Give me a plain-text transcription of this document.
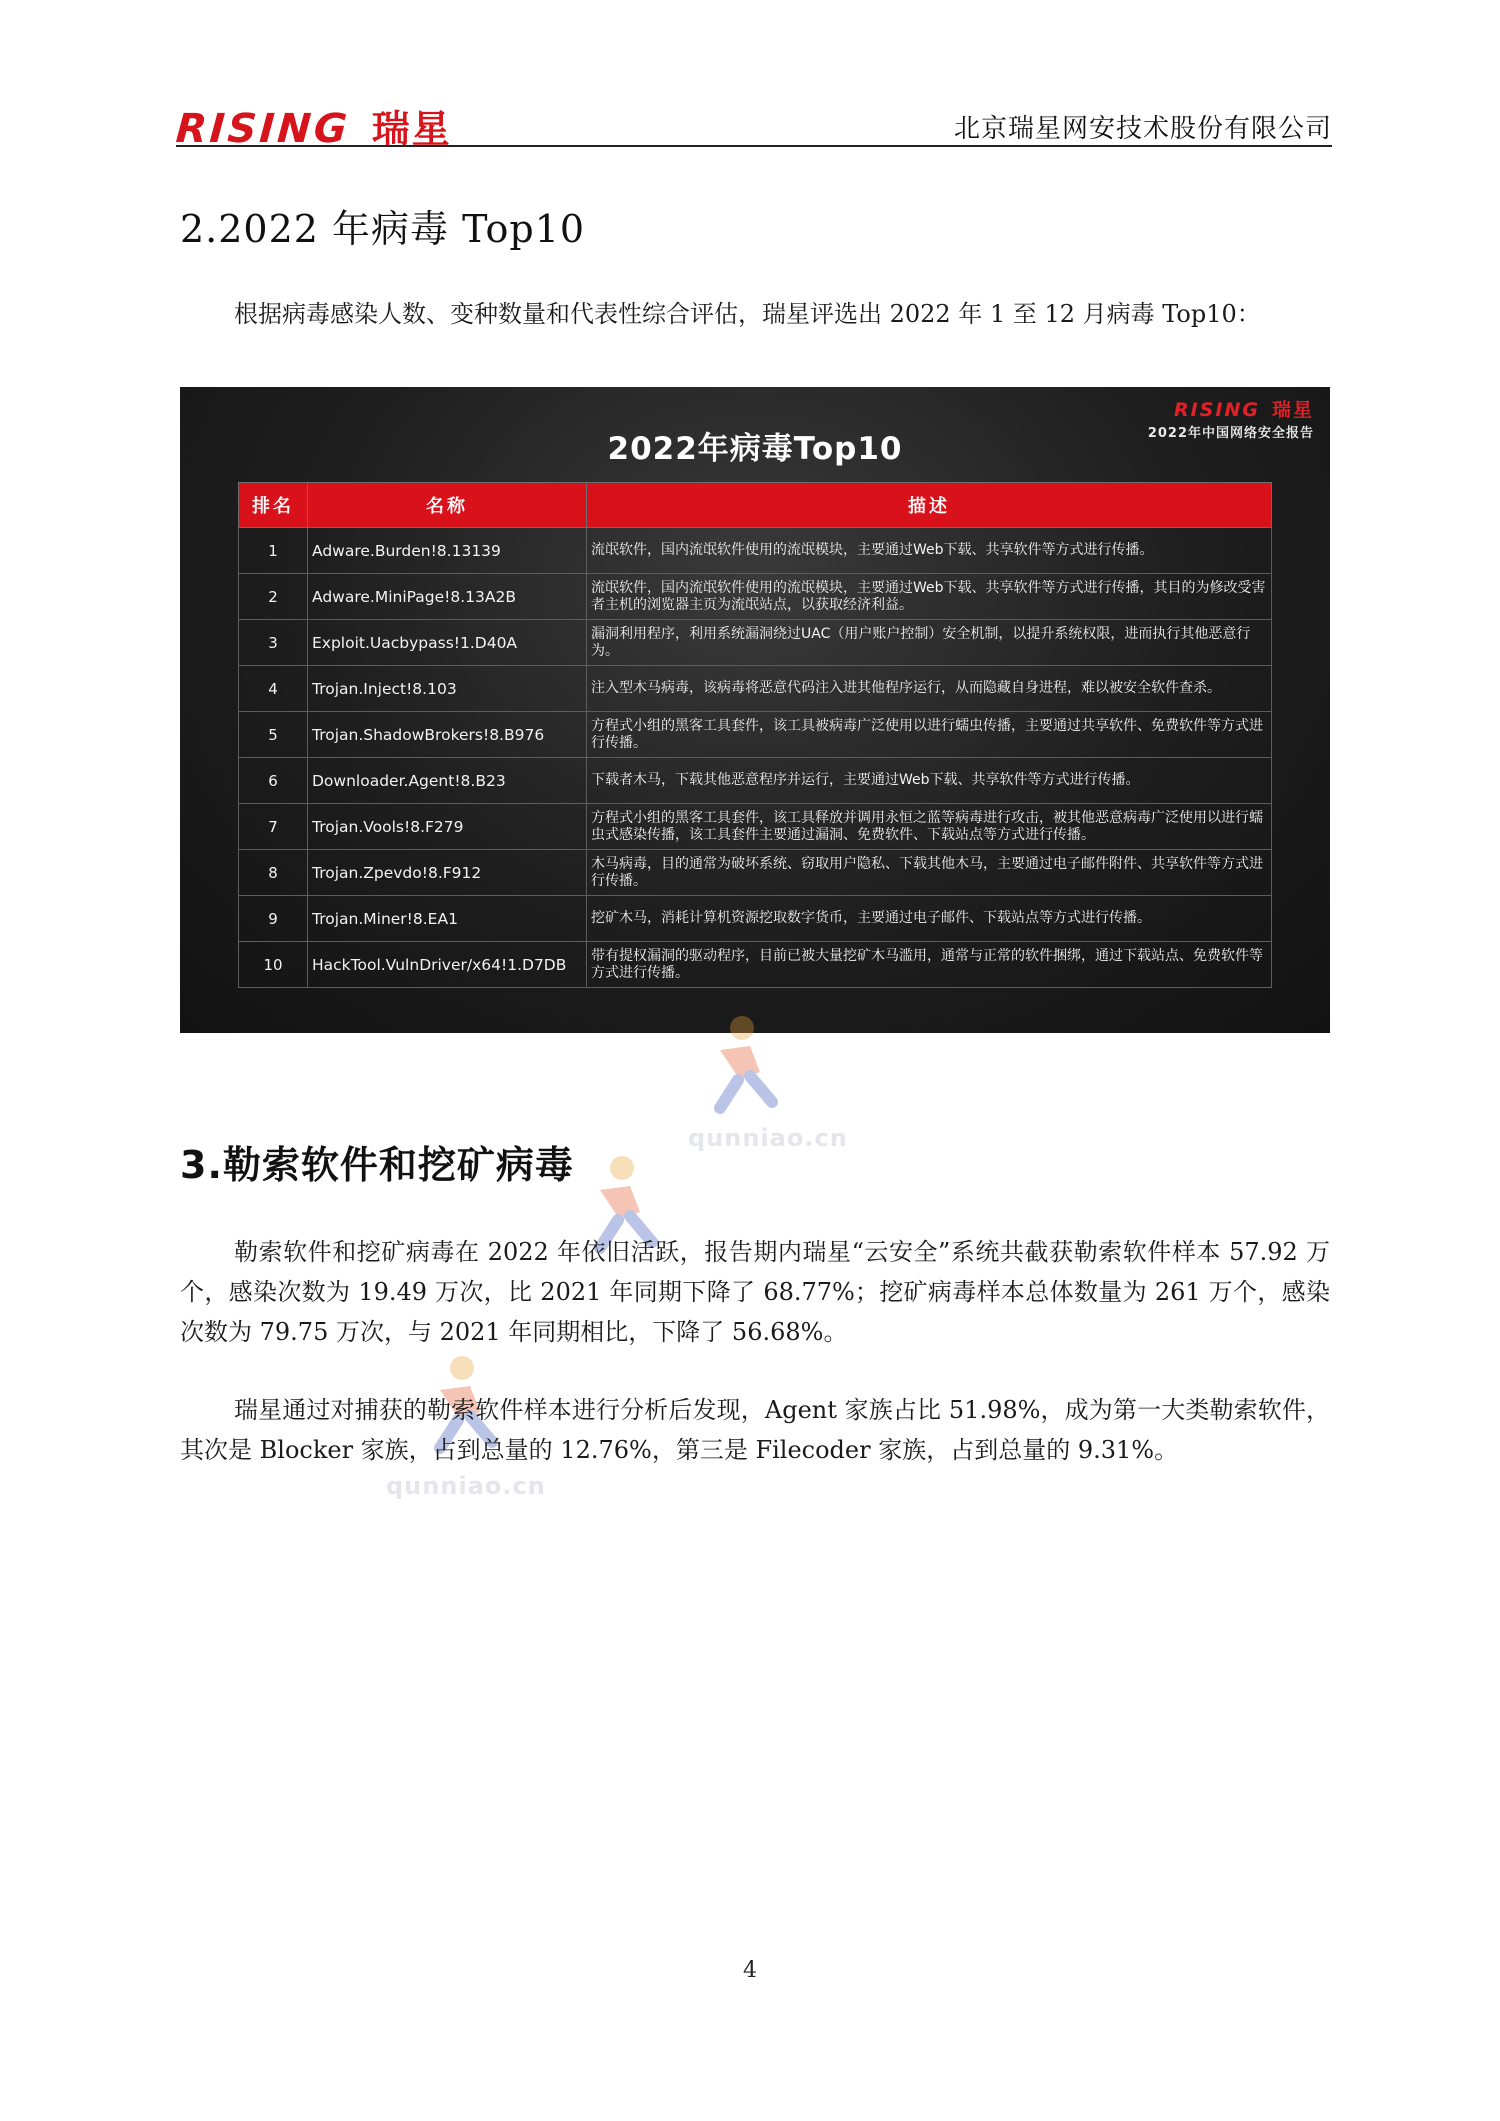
RISING 瑞星	北京瑞星网安技术股份有限公司
2.2022 年病毒 Top10
根据病毒感染人数、变种数量和代表性综合评估，瑞星评选出 2022 年 1 至 12 月病毒 Top10：
RISING 瑞星
2022年中国网络安全报告
2022年病毒Top10
排名	名称	描述
1	Adware.Burden!8.13139	流氓软件，国内流氓软件使用的流氓模块，主要通过Web下载、共享软件等方式进行传播。
2	Adware.MiniPage!8.13A2B	流氓软件，国内流氓软件使用的流氓模块，主要通过Web下载、共享软件等方式进行传播，其目的为修改受害者主机的浏览器主页为流氓站点，以获取经济利益。
3	Exploit.Uacbypass!1.D40A	漏洞利用程序，利用系统漏洞绕过UAC（用户账户控制）安全机制，以提升系统权限，进而执行其他恶意行为。
4	Trojan.Inject!8.103	注入型木马病毒，该病毒将恶意代码注入进其他程序运行，从而隐藏自身进程，难以被安全软件查杀。
5	Trojan.ShadowBrokers!8.B976	方程式小组的黑客工具套件，该工具被病毒广泛使用以进行蠕虫传播，主要通过共享软件、免费软件等方式进行传播。
6	Downloader.Agent!8.B23	下载者木马，下载其他恶意程序并运行，主要通过Web下载、共享软件等方式进行传播。
7	Trojan.Vools!8.F279	方程式小组的黑客工具套件，该工具释放并调用永恒之蓝等病毒进行攻击，被其他恶意病毒广泛使用以进行蠕虫式感染传播，该工具套件主要通过漏洞、免费软件、下载站点等方式进行传播。
8	Trojan.Zpevdo!8.F912	木马病毒，目的通常为破坏系统、窃取用户隐私、下载其他木马，主要通过电子邮件附件、共享软件等方式进行传播。
9	Trojan.Miner!8.EA1	挖矿木马，消耗计算机资源挖取数字货币，主要通过电子邮件、下载站点等方式进行传播。
10	HackTool.VulnDriver/x64!1.D7DB	带有提权漏洞的驱动程序，目前已被大量挖矿木马滥用，通常与正常的软件捆绑，通过下载站点、免费软件等方式进行传播。
qunniao.cn
qunniao.cn
3.勒索软件和挖矿病毒
勒索软件和挖矿病毒在 2022 年依旧活跃，报告期内瑞星“云安全”系统共截获勒索软件样本 57.92 万个，感染次数为 19.49 万次，比 2021 年同期下降了 68.77%；挖矿病毒样本总体数量为 261 万个，感染次数为 79.75 万次，与 2021 年同期相比，下降了 56.68%。
瑞星通过对捕获的勒索软件样本进行分析后发现，Agent 家族占比 51.98%，成为第一大类勒索软件，其次是 Blocker 家族，占到总量的 12.76%，第三是 Filecoder 家族，占到总量的 9.31%。
4
